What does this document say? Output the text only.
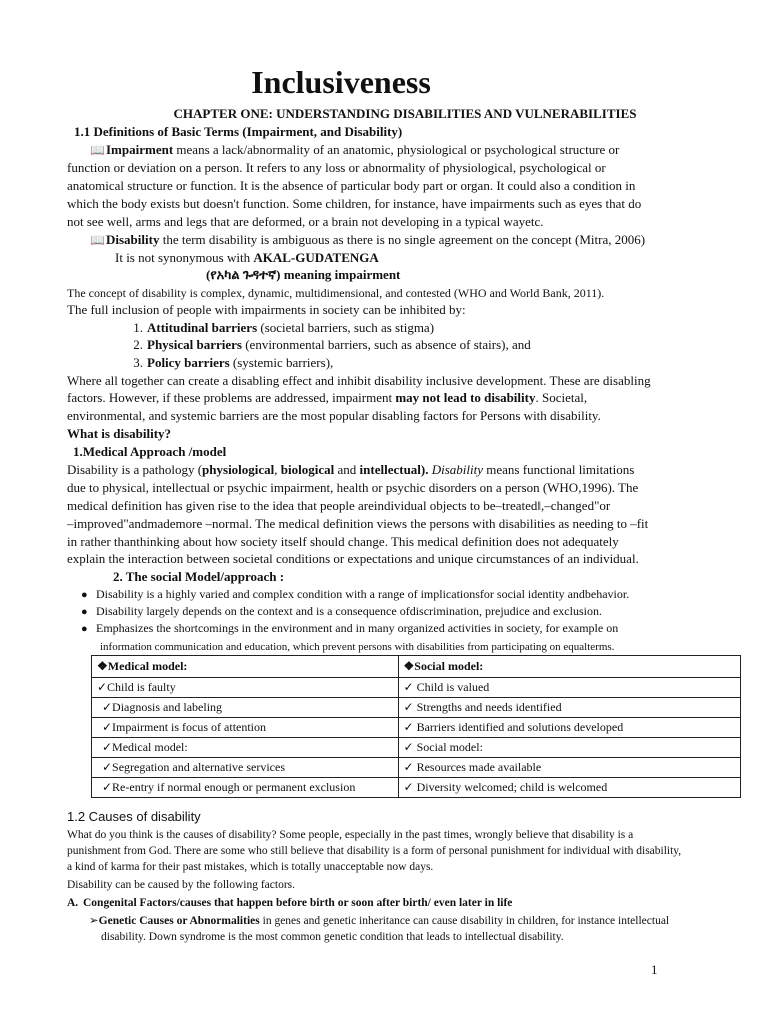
Inclusiveness
CHAPTER ONE: UNDERSTANDING DISABILITIES AND VULNERABILITIES
1.1 Definitions of Basic Terms (Impairment, and Disability)
📖Impairment means a lack/abnormality of an anatomic, physiological or psychological structure or
function or deviation on a person. It refers to any loss or abnormality of physiological, psychological or
anatomical structure or function. It is the absence of particular body part or organ. It could also a condition in
which the body exists but doesn't function. Some children, for instance, have impairments such as eyes that do
not see well, arms and legs that are deformed, or a brain not developing in a typical wayetc.
📖Disability the term disability is ambiguous as there is no single agreement on the concept (Mitra, 2006)
It is not synonymous with AKAL-GUDATENGA
(የአካል ጉዳተኛ) meaning impairment
The concept of disability is complex, dynamic, multidimensional, and contested (WHO and World Bank, 2011).
The full inclusion of people with impairments in society can be inhibited by:
1. Attitudinal barriers (societal barriers, such as stigma)
2. Physical barriers (environmental barriers, such as absence of stairs), and
3. Policy barriers (systemic barriers),
Where all together can create a disabling effect and inhibit disability inclusive development. These are disabling
factors. However, if these problems are addressed, impairment may not lead to disability. Societal,
environmental, and systemic barriers are the most popular disabling factors for Persons with disability.
What is disability?
1.Medical Approach /model
Disability is a pathology (physiological, biological and intellectual). Disability means functional limitations
due to physical, intellectual or psychic impairment, health or psychic disorders on a person (WHO,1996). The
medical definition has given rise to the idea that people areindividual objects to be–treated‖,–changed"or
–improved"andmademore –normal. The medical definition views the persons with disabilities as needing to –fit
in rather thanthinking about how society itself should change. This medical definition does not adequately
explain the interaction between societal conditions or expectations and unique circumstances of an individual.
2. The social Model/approach :
● Disability is a highly varied and complex condition with a range of implicationsfor social identity andbehavior.
● Disability largely depends on the context and is a consequence ofdiscrimination, prejudice and exclusion.
● Emphasizes the shortcomings in the environment and in many organized activities in society, for example on
information communication and education, which prevent persons with disabilities from participating on equalterms.
❖Medical model:	❖Social model:
✓Child is faulty	✓ Child is valued
✓Diagnosis and labeling	✓ Strengths and needs identified
✓Impairment is focus of attention	✓ Barriers identified and solutions developed
✓Medical model:	✓ Social model:
✓Segregation and alternative services	✓ Resources made available
✓Re-entry if normal enough or permanent exclusion	✓ Diversity welcomed; child is welcomed
1.2 Causes of disability
What do you think is the causes of disability? Some people, especially in the past times, wrongly believe that disability is a
punishment from God. There are some who still believe that disability is a form of personal punishment for individual with disability,
a kind of karma for their past mistakes, which is totally unacceptable now days.
Disability can be caused by the following factors.
A. Congenital Factors/causes that happen before birth or soon after birth/ even later in life
➢Genetic Causes or Abnormalities in genes and genetic inheritance can cause disability in children, for instance intellectual
disability. Down syndrome is the most common genetic condition that leads to intellectual disability.
1
